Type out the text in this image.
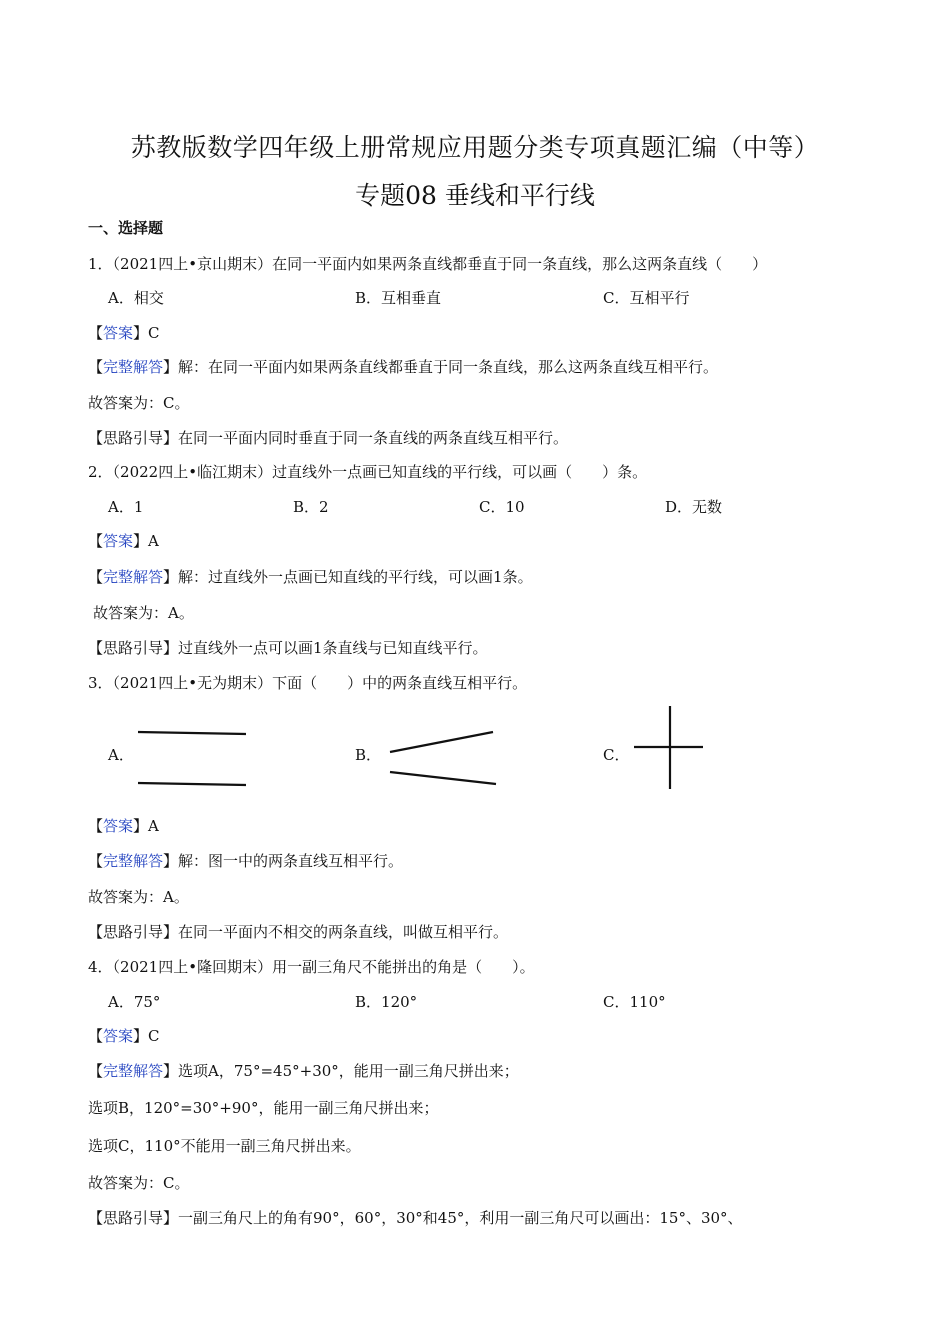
苏教版数学四年级上册常规应用题分类专项真题汇编（中等）
专题08 垂线和平行线
一、选择题
1．（2021四上•京山期末）在同一平面内如果两条直线都垂直于同一条直线，那么这两条直线（　　）
A．相交	B．互相垂直	C．互相平行
【答案】C
【完整解答】解：在同一平面内如果两条直线都垂直于同一条直线，那么这两条直线互相平行。
故答案为：C。
【思路引导】在同一平面内同时垂直于同一条直线的两条直线互相平行。
2．（2022四上•临江期末）过直线外一点画已知直线的平行线，可以画（　　）条。
A．1	B．2	C．10	D．无数
【答案】A
【完整解答】解：过直线外一点画已知直线的平行线，可以画1条。
故答案为：A。
【思路引导】过直线外一点可以画1条直线与已知直线平行。
3．（2021四上•无为期末）下面（　　）中的两条直线互相平行。
A．	B．	C．
【答案】A
【完整解答】解：图一中的两条直线互相平行。
故答案为：A。
【思路引导】在同一平面内不相交的两条直线，叫做互相平行。
4．（2021四上•隆回期末）用一副三角尺不能拼出的角是（　　）。
A．75°	B．120°	C．110°
【答案】C
【完整解答】选项A，75°=45°+30°，能用一副三角尺拼出来；
选项B，120°=30°+90°，能用一副三角尺拼出来；
选项C，110°不能用一副三角尺拼出来。
故答案为：C。
【思路引导】一副三角尺上的角有90°，60°，30°和45°，利用一副三角尺可以画出：15°、30°、
